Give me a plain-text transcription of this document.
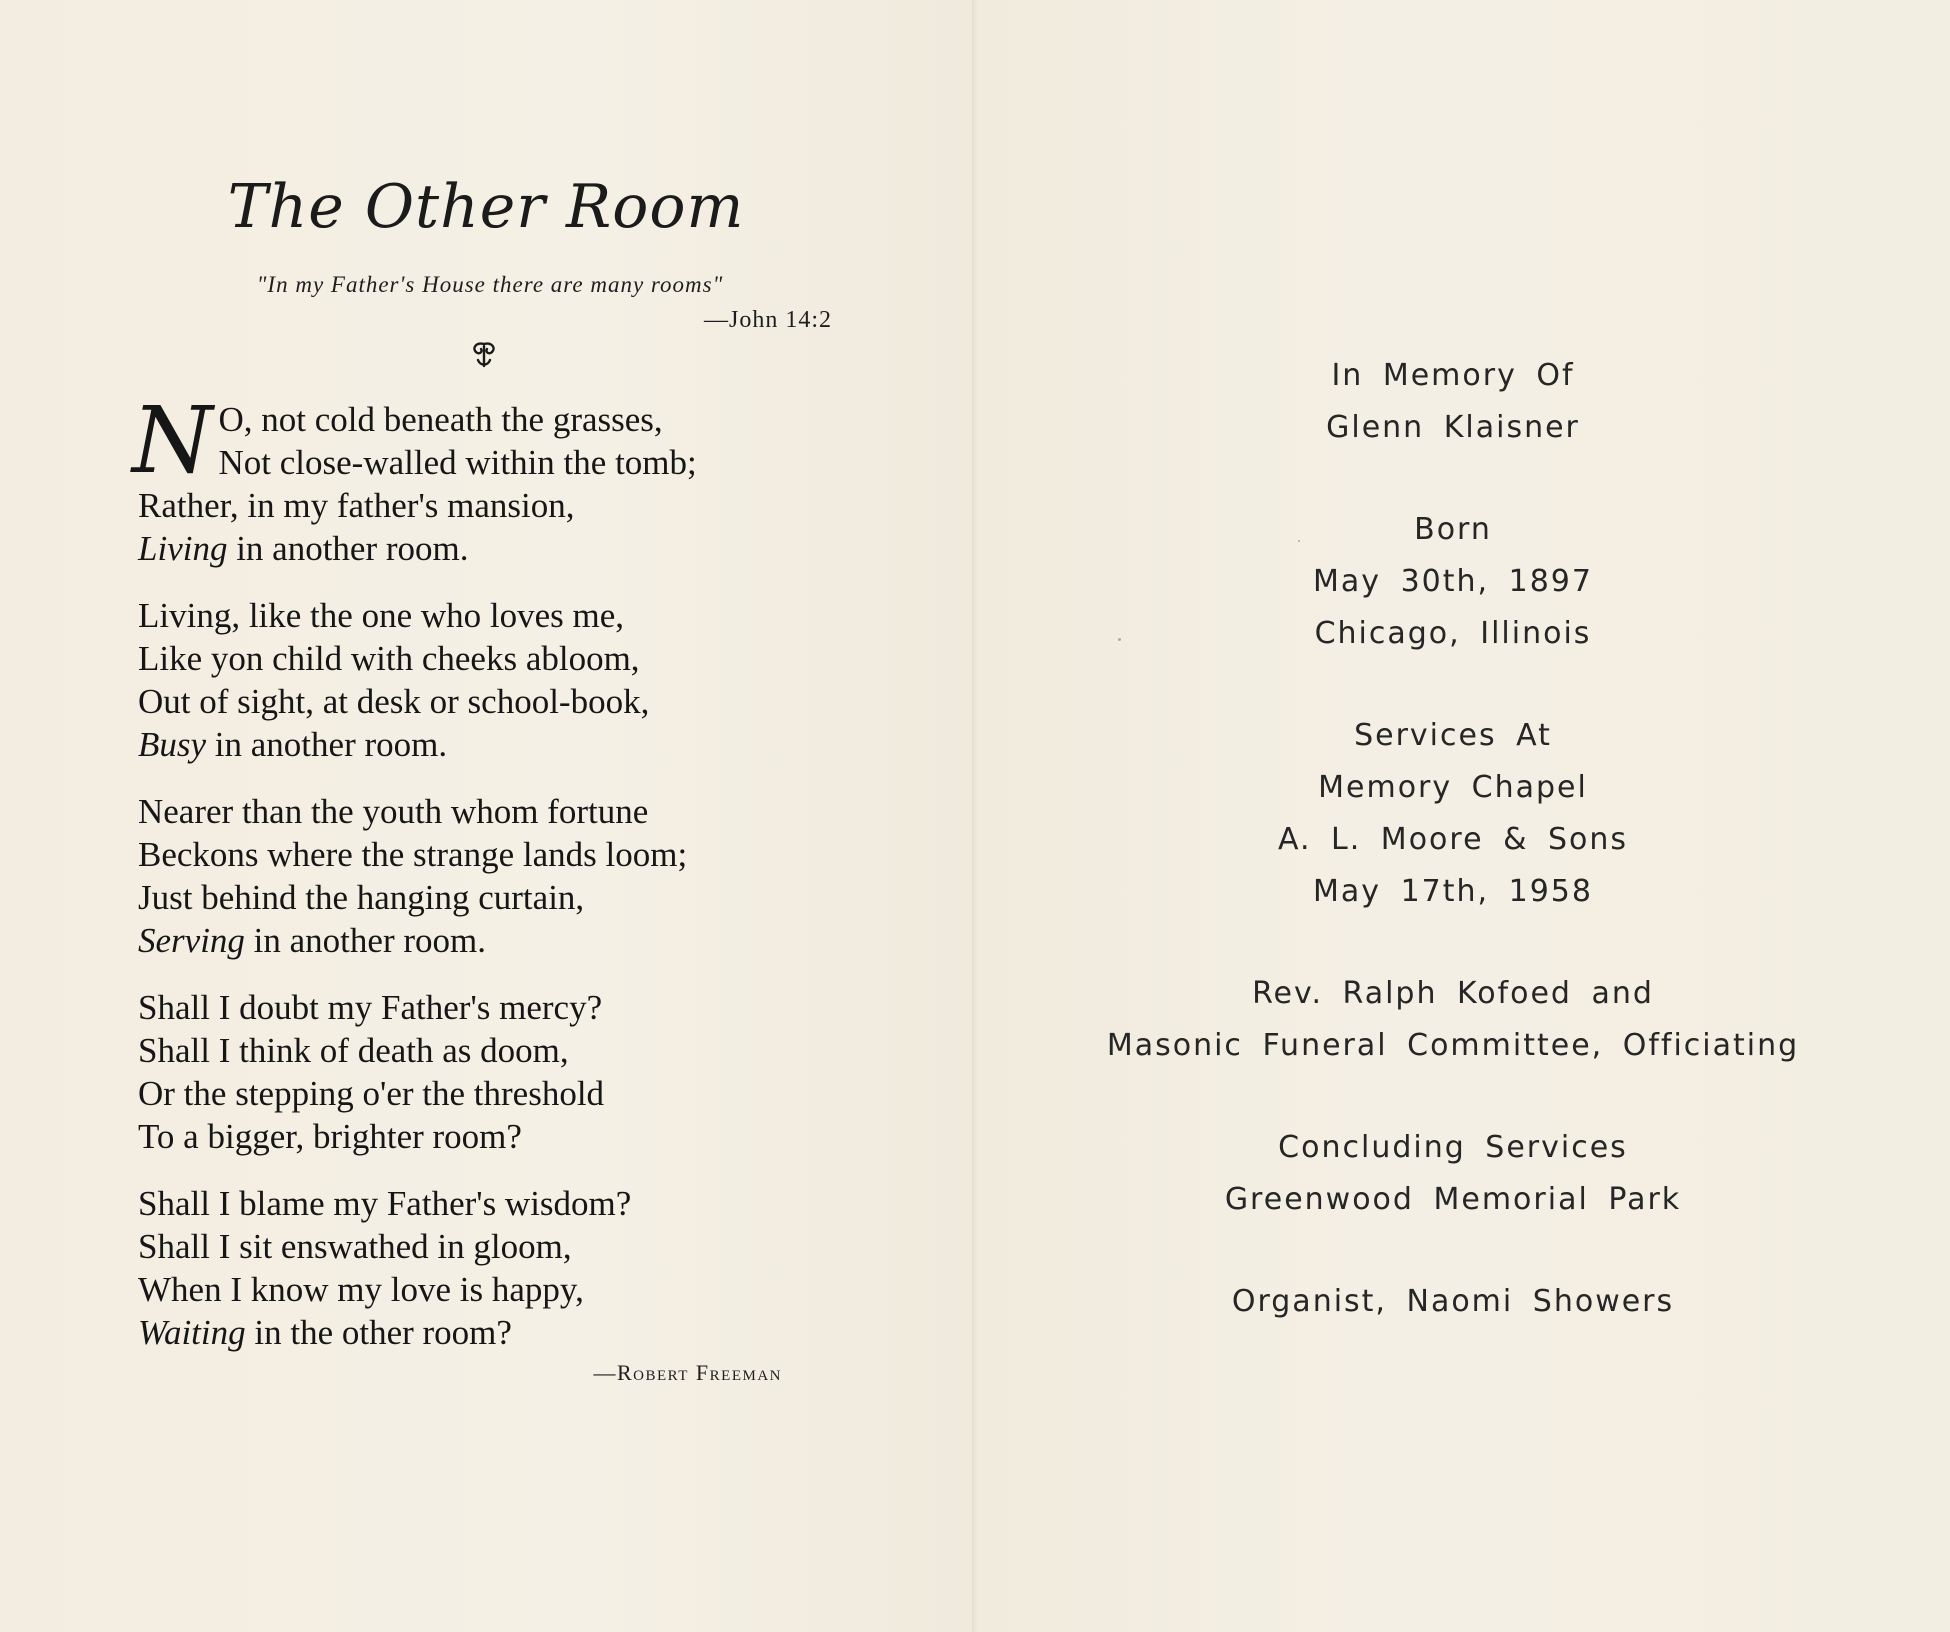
The Other Room
"In my Father's House there are many rooms"
—John 14:2
N O, not cold beneath the grasses,
Not close-walled within the tomb;
Rather, in my father's mansion,
Living in another room.
Living, like the one who loves me,
Like yon child with cheeks abloom,
Out of sight, at desk or school-book,
Busy in another room.
Nearer than the youth whom fortune
Beckons where the strange lands loom;
Just behind the hanging curtain,
Serving in another room.
Shall I doubt my Father's mercy?
Shall I think of death as doom,
Or the stepping o'er the threshold
To a bigger, brighter room?
Shall I blame my Father's wisdom?
Shall I sit enswathed in gloom,
When I know my love is happy,
Waiting in the other room?
—Robert Freeman
In Memory Of
Glenn Klaisner
Born
May 30th, 1897
Chicago, Illinois
Services At
Memory Chapel
A. L. Moore & Sons
May 17th, 1958
Rev. Ralph Kofoed and
Masonic Funeral Committee, Officiating
Concluding Services
Greenwood Memorial Park
Organist, Naomi Showers
